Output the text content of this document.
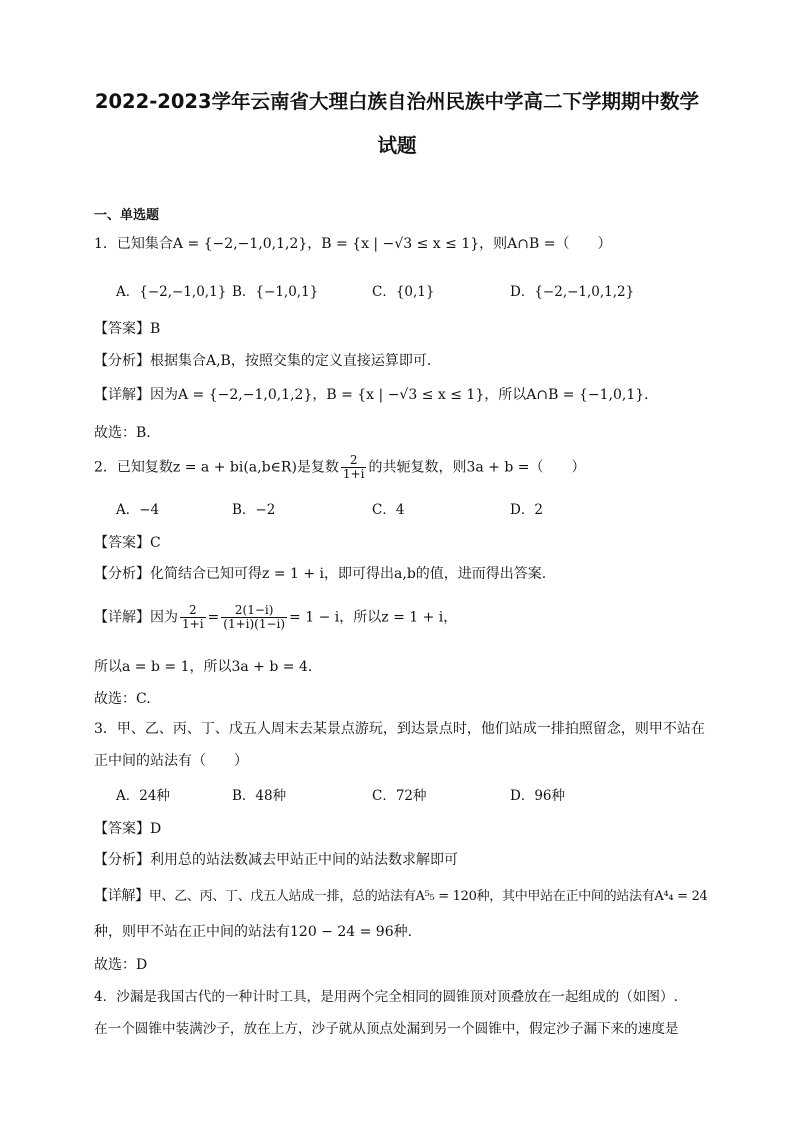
2022-2023学年云南省大理白族自治州民族中学高二下学期期中数学
试题
一、单选题
1．已知集合A = {−2,−1,0,1,2}，B = {x | −√3 ≤ x ≤ 1}，则A∩B =（　　）
A．{−2,−1,0,1} B．{−1,0,1}	C．{0,1}	D．{−2,−1,0,1,2}
【答案】B
【分析】根据集合A,B，按照交集的定义直接运算即可.
【详解】因为A = {−2,−1,0,1,2}，B = {x | −√3 ≤ x ≤ 1}，所以A∩B = {−1,0,1}.
故选：B.
2．已知复数z = a + bi(a,b∈R)是复数 $\frac{2}{1+i}$ 的共轭复数，则3a + b =（　　）
A．−4	B．−2	C．4	D．2
【答案】C
【分析】化简结合已知可得z = 1 + i，即可得出a,b的值，进而得出答案.
【详解】因为 $\frac{2}{1+i} = \frac{2(1-i)}{(1+i)(1-i)} = 1 - i$，所以z = 1 + i，
所以a = b = 1，所以3a + b = 4.
故选：C.
3．甲、乙、丙、丁、戊五人周末去某景点游玩，到达景点时，他们站成一排拍照留念，则甲不站在
正中间的站法有（　　）
A．24种	B．48种	C．72种	D．96种
【答案】D
【分析】利用总的站法数减去甲站正中间的站法数求解即可
【详解】甲、乙、丙、丁、戊五人站成一排，总的站法有A⁵₅ = 120种，其中甲站在正中间的站法有A⁴₄ = 24
种，则甲不站在正中间的站法有120 − 24 = 96种.
故选：D
4．沙漏是我国古代的一种计时工具，是用两个完全相同的圆锥顶对顶叠放在一起组成的（如图）.
在一个圆锥中装满沙子，放在上方，沙子就从顶点处漏到另一个圆锥中，假定沙子漏下来的速度是
